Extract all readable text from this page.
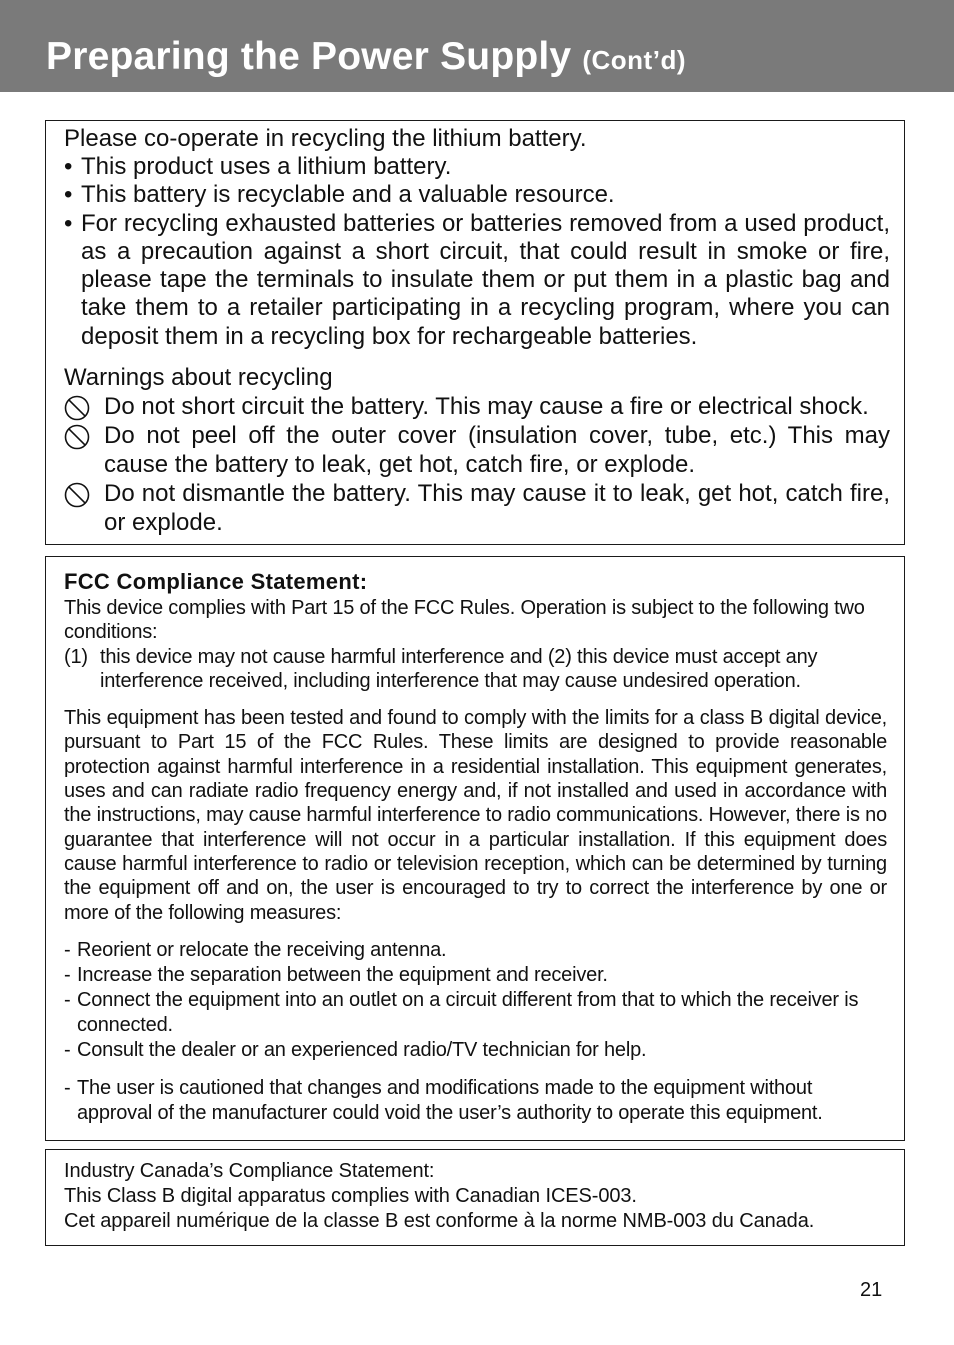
Preparing the Power Supply (Cont’d)
Please co-operate in recycling the lithium battery.
• This product uses a lithium battery.
• This battery is recyclable and a valuable resource.
• For recycling exhausted batteries or batteries removed from a used product, as a precaution against a short circuit, that could result in smoke or fire, please tape the terminals to insulate them or put them in a plastic bag and take them to a retailer participating in a recycling program, where you can deposit them in a recycling box for rechargeable batteries.
Warnings about recycling
Do not short circuit the battery. This may cause a fire or electrical shock.
Do not peel off the outer cover (insulation cover, tube, etc.) This may cause the battery to leak, get hot, catch fire, or explode.
Do not dismantle the battery. This may cause it to leak, get hot, catch fire, or explode.
FCC Compliance Statement:

This device complies with Part 15 of the FCC Rules. Operation is subject to the following two conditions:

(1) this device may not cause harmful interference and (2) this device must accept any interference received, including interference that may cause undesired operation.

This equipment has been tested and found to comply with the limits for a class B digital device, pursuant to Part 15 of the FCC Rules. These limits are designed to provide reasonable protection against harmful interference in a residential installation. This equipment generates, uses and can radiate radio frequency energy and, if not installed and used in accordance with the instructions, may cause harmful interference to radio communications. However, there is no guarantee that interference will not occur in a particular installation. If this equipment does cause harmful interference to radio or television reception, which can be determined by turning the equipment off and on, the user is encouraged to try to correct the interference by one or more of the following measures:

- Reorient or relocate the receiving antenna.
- Increase the separation between the equipment and receiver.
- Connect the equipment into an outlet on a circuit different from that to which the receiver is connected.
- Consult the dealer or an experienced radio/TV technician for help.
- The user is cautioned that changes and modifications made to the equipment without approval of the manufacturer could void the user’s authority to operate this equipment.

Industry Canada’s Compliance Statement:

This Class B digital apparatus complies with Canadian ICES-003.

Cet appareil numérique de la classe B est conforme à la norme NMB-003 du Canada.

21
